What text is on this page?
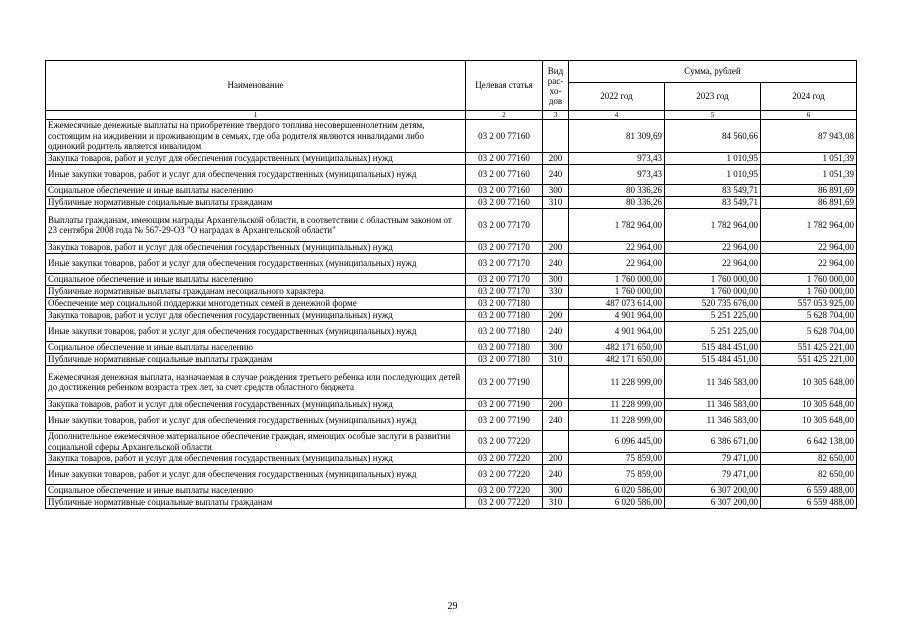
Наименование	Целевая статья	Вид рас-хо-дов	Сумма, рублей		
			2022 год	2023 год	2024 год
1	2	3	4	5	6
Ежемесячные денежные выплаты на приобретение твердого топлива несовершеннолетним детям, состоящим на иждивении и проживающим в семьях, где оба родителя являются инвалидами либо одинокий родитель является инвалидом	03 2 00 77160		81 309,69	84 560,66	87 943,08
Закупка товаров, работ и услуг для обеспечения государственных (муниципальных) нужд	03 2 00 77160	200	973,43	1 010,95	1 051,39
Иные закупки товаров, работ и услуг для обеспечения государственных (муниципальных) нужд	03 2 00 77160	240	973,43	1 010,95	1 051,39
Социальное обеспечение и иные выплаты населению	03 2 00 77160	300	80 336,26	83 549,71	86 891,69
Публичные нормативные социальные выплаты гражданам	03 2 00 77160	310	80 336,26	83 549,71	86 891,69
Выплаты гражданам, имеющим награды Архангельской области, в соответствии с областным законом от 23 сентября 2008 года № 567-29-ОЗ "О наградах в Архангельской области"	03 2 00 77170		1 782 964,00	1 782 964,00	1 782 964,00
Закупка товаров, работ и услуг для обеспечения государственных (муниципальных) нужд	03 2 00 77170	200	22 964,00	22 964,00	22 964,00
Иные закупки товаров, работ и услуг для обеспечения государственных (муниципальных) нужд	03 2 00 77170	240	22 964,00	22 964,00	22 964,00
Социальное обеспечение и иные выплаты населению	03 2 00 77170	300	1 760 000,00	1 760 000,00	1 760 000,00
Публичные нормативные выплаты гражданам несоциального характера	03 2 00 77170	330	1 760 000,00	1 760 000,00	1 760 000,00
Обеспечение мер социальной поддержки многодетных семей в денежной форме	03 2 00 77180		487 073 614,00	520 735 676,00	557 053 925,00
Закупка товаров, работ и услуг для обеспечения государственных (муниципальных) нужд	03 2 00 77180	200	4 901 964,00	5 251 225,00	5 628 704,00
Иные закупки товаров, работ и услуг для обеспечения государственных (муниципальных) нужд	03 2 00 77180	240	4 901 964,00	5 251 225,00	5 628 704,00
Социальное обеспечение и иные выплаты населению	03 2 00 77180	300	482 171 650,00	515 484 451,00	551 425 221,00
Публичные нормативные социальные выплаты гражданам	03 2 00 77180	310	482 171 650,00	515 484 451,00	551 425 221,00
Ежемесячная денежная выплата, назначаемая в случае рождения третьего ребенка или последующих детей до достижения ребенком возраста трех лет, за счет средств областного бюджета	03 2 00 77190		11 228 999,00	11 346 583,00	10 305 648,00
Закупка товаров, работ и услуг для обеспечения государственных (муниципальных) нужд	03 2 00 77190	200	11 228 999,00	11 346 583,00	10 305 648,00
Иные закупки товаров, работ и услуг для обеспечения государственных (муниципальных) нужд	03 2 00 77190	240	11 228 999,00	11 346 583,00	10 305 648,00
Дополнительное ежемесячное материальное обеспечение граждан, имеющих особые заслуги в развитии социальной сферы Архангельской области	03 2 00 77220		6 096 445,00	6 386 671,00	6 642 138,00
Закупка товаров, работ и услуг для обеспечения государственных (муниципальных) нужд	03 2 00 77220	200	75 859,00	79 471,00	82 650,00
Иные закупки товаров, работ и услуг для обеспечения государственных (муниципальных) нужд	03 2 00 77220	240	75 859,00	79 471,00	82 650,00
Социальное обеспечение и иные выплаты населению	03 2 00 77220	300	6 020 586,00	6 307 200,00	6 559 488,00
Публичные нормативные социальные выплаты гражданам	03 2 00 77220	310	6 020 586,00	6 307 200,00	6 559 488,00
29
